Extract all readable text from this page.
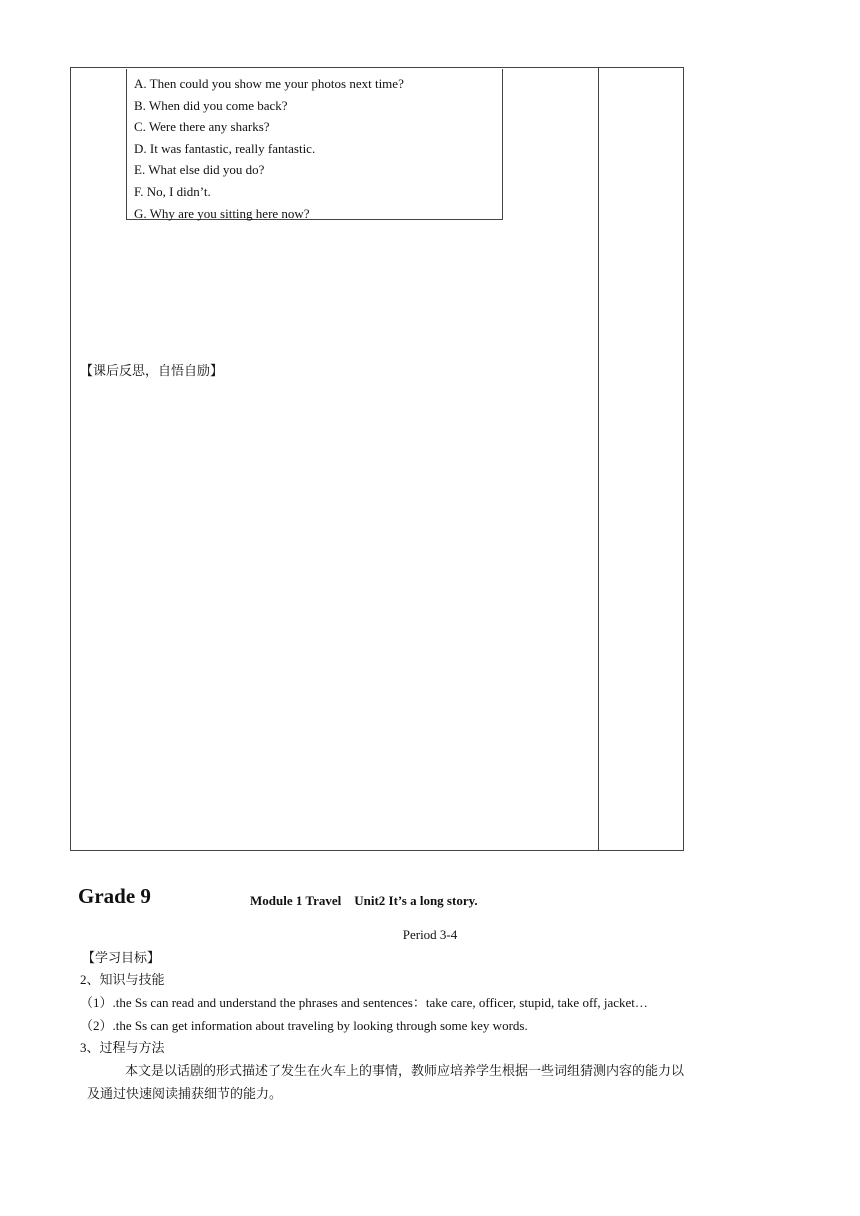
A. Then could you show me your photos next time?
B. When did you come back?
C. Were there any sharks?
D. It was fantastic, really fantastic.
E. What else did you do?
F. No, I didn’t.
G. Why are you sitting here now?
【课后反思，自悟自励】
Grade 9	Module 1 Travel    Unit2 It’s a long story.
Period 3-4
【学习目标】
2、知识与技能
（1）.the Ss can read and understand the phrases and sentences：take care, officer, stupid, take off, jacket…
（2）.the Ss can get information about traveling by looking through some key words.
3、过程与方法
本文是以话剧的形式描述了发生在火车上的事情，教师应培养学生根据一些词组猜测内容的能力以
及通过快速阅读捕获细节的能力。
